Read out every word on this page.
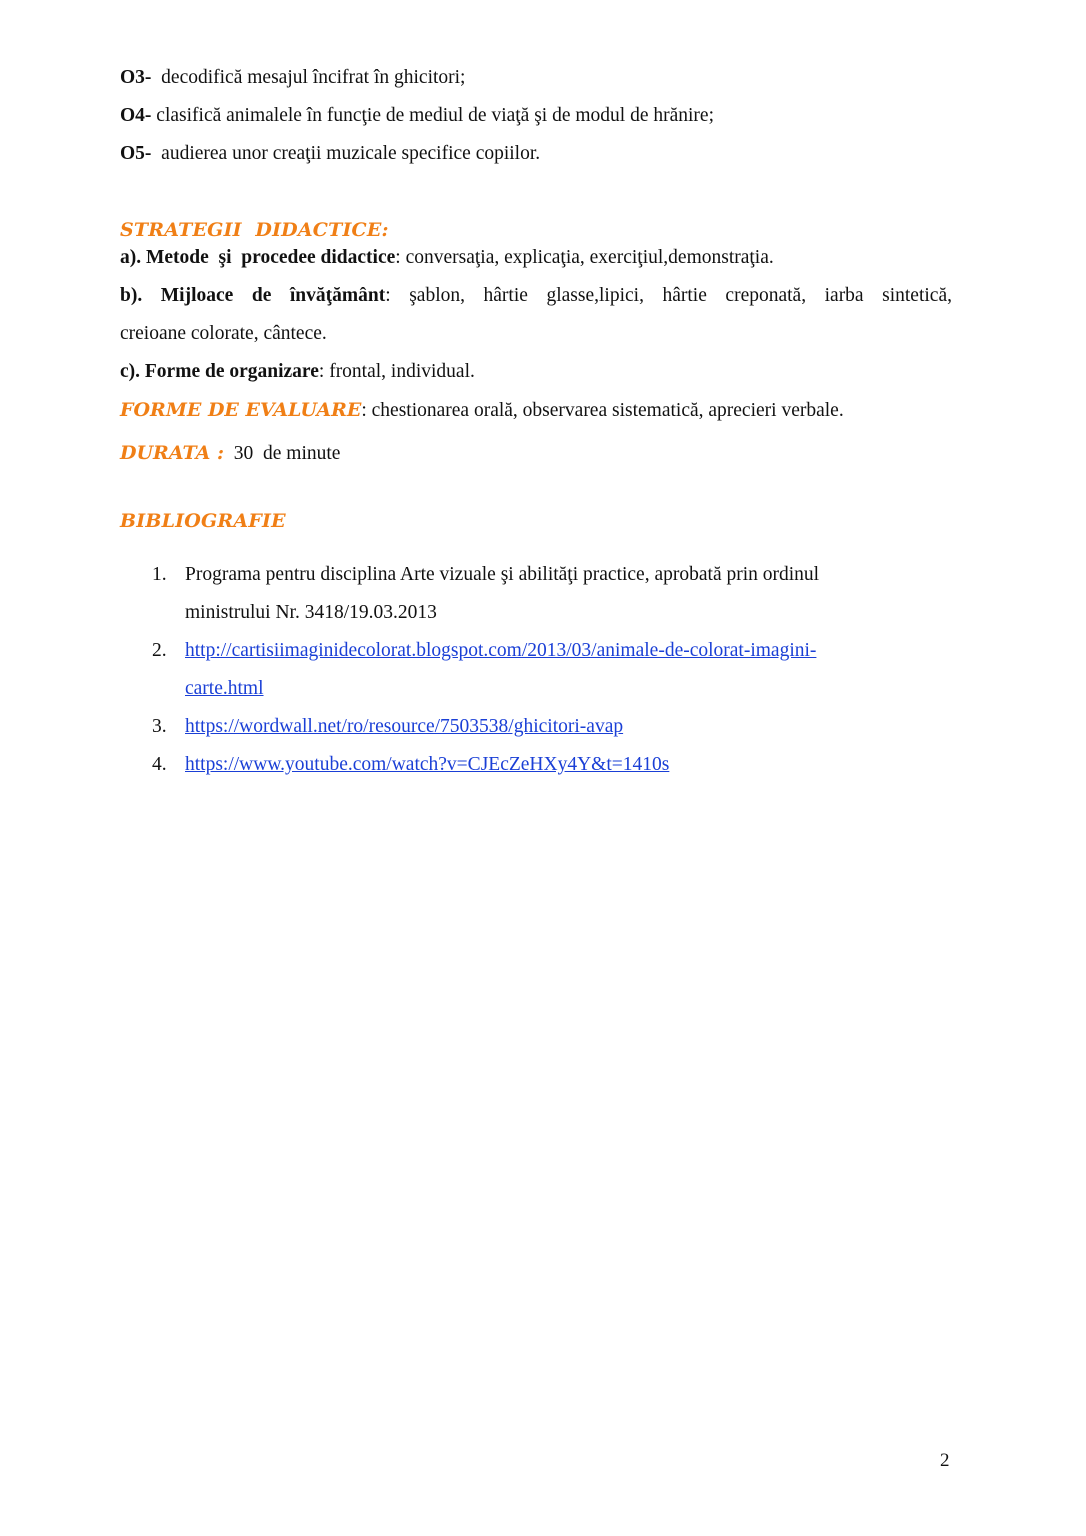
O3-  decodifică mesajul încifrat în ghicitori;
O4- clasifică animalele în funcţie de mediul de viaţă şi de modul de hrănire;
O5-  audierea unor creaţii muzicale specifice copiilor.
STRATEGII  DIDACTICE:
a). Metode  şi  procedee didactice: conversaţia, explicaţia, exerciţiul,demonstraţia.
b). Mijloace de învăţământ: şablon, hârtie glasse,lipici, hârtie creponată, iarba sintetică,
creioane colorate, cântece.
c). Forme de organizare: frontal, individual.
FORME DE EVALUARE: chestionarea orală, observarea sistematică, aprecieri verbale.
DURATA :  30  de minute
BIBLIOGRAFIE
1. Programa pentru disciplina Arte vizuale şi abilităţi practice, aprobată prin ordinul
ministrului Nr. 3418/19.03.2013
2. http://cartisiimaginidecolorat.blogspot.com/2013/03/animale-de-colorat-imagini-
carte.html
3. https://wordwall.net/ro/resource/7503538/ghicitori-avap
4. https://www.youtube.com/watch?v=CJEcZeHXy4Y&t=1410s
2
